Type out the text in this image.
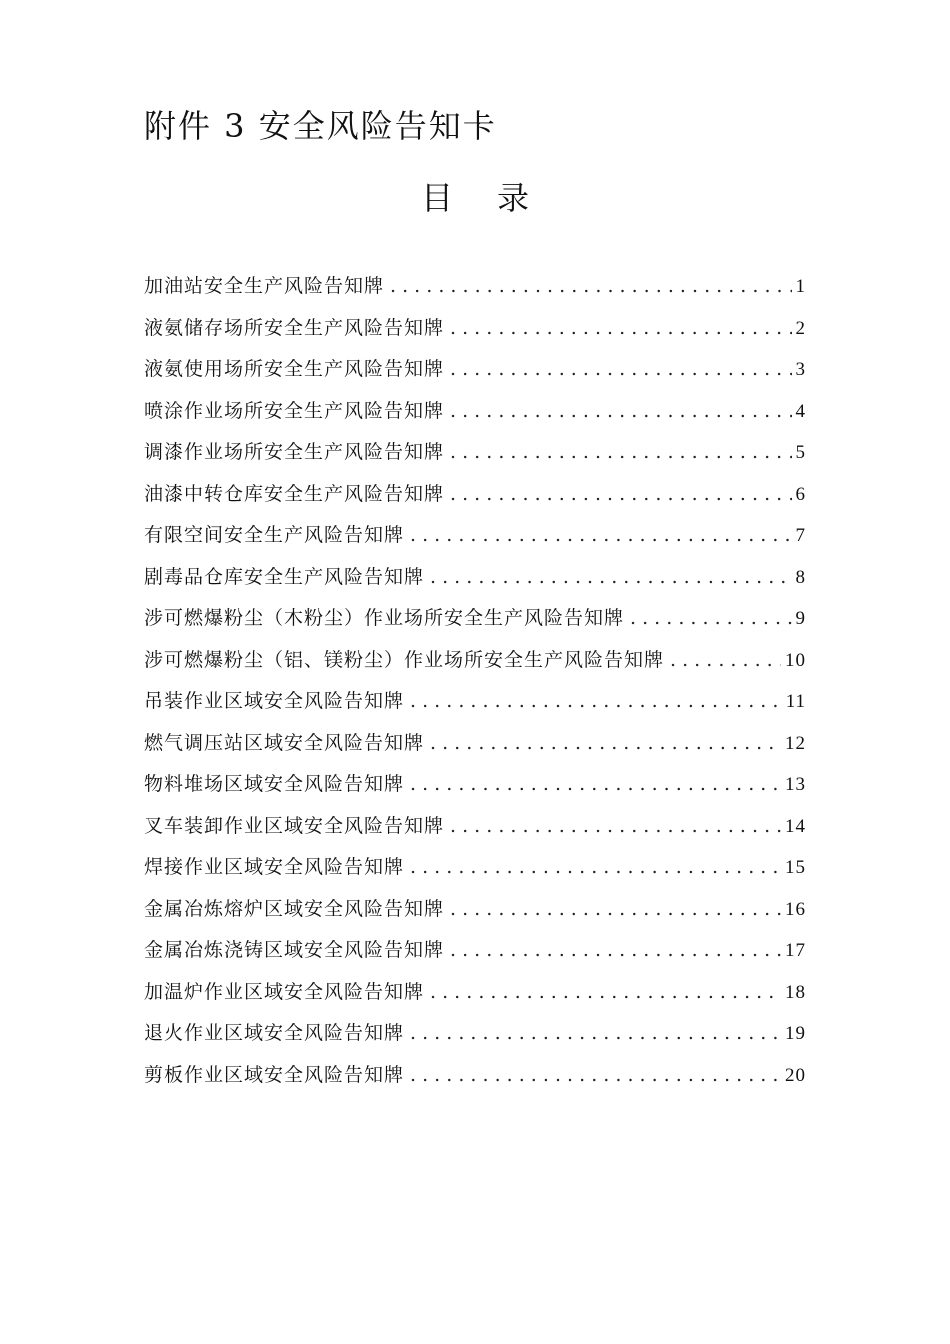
附件 3 安全风险告知卡
目录
加油站安全生产风险告知牌 . . .	1
液氨储存场所安全生产风险告知牌 . . .	2
液氨使用场所安全生产风险告知牌 . . .	3
喷涂作业场所安全生产风险告知牌 . . .	4
调漆作业场所安全生产风险告知牌 . . .	5
油漆中转仓库安全生产风险告知牌 . . .	6
有限空间安全生产风险告知牌 . . .	7
剧毒品仓库安全生产风险告知牌 . . .	8
涉可燃爆粉尘（木粉尘）作业场所安全生产风险告知牌 . . .	9
涉可燃爆粉尘（铝、镁粉尘）作业场所安全生产风险告知牌 . . .	10
吊装作业区域安全风险告知牌 . . .	11
燃气调压站区域安全风险告知牌 . . .	12
物料堆场区域安全风险告知牌 . . .	13
叉车装卸作业区域安全风险告知牌 . . .	14
焊接作业区域安全风险告知牌 . . .	15
金属冶炼熔炉区域安全风险告知牌 . . .	16
金属冶炼浇铸区域安全风险告知牌 . . .	17
加温炉作业区域安全风险告知牌 . . .	18
退火作业区域安全风险告知牌 . . .	19
剪板作业区域安全风险告知牌 . . .	20
